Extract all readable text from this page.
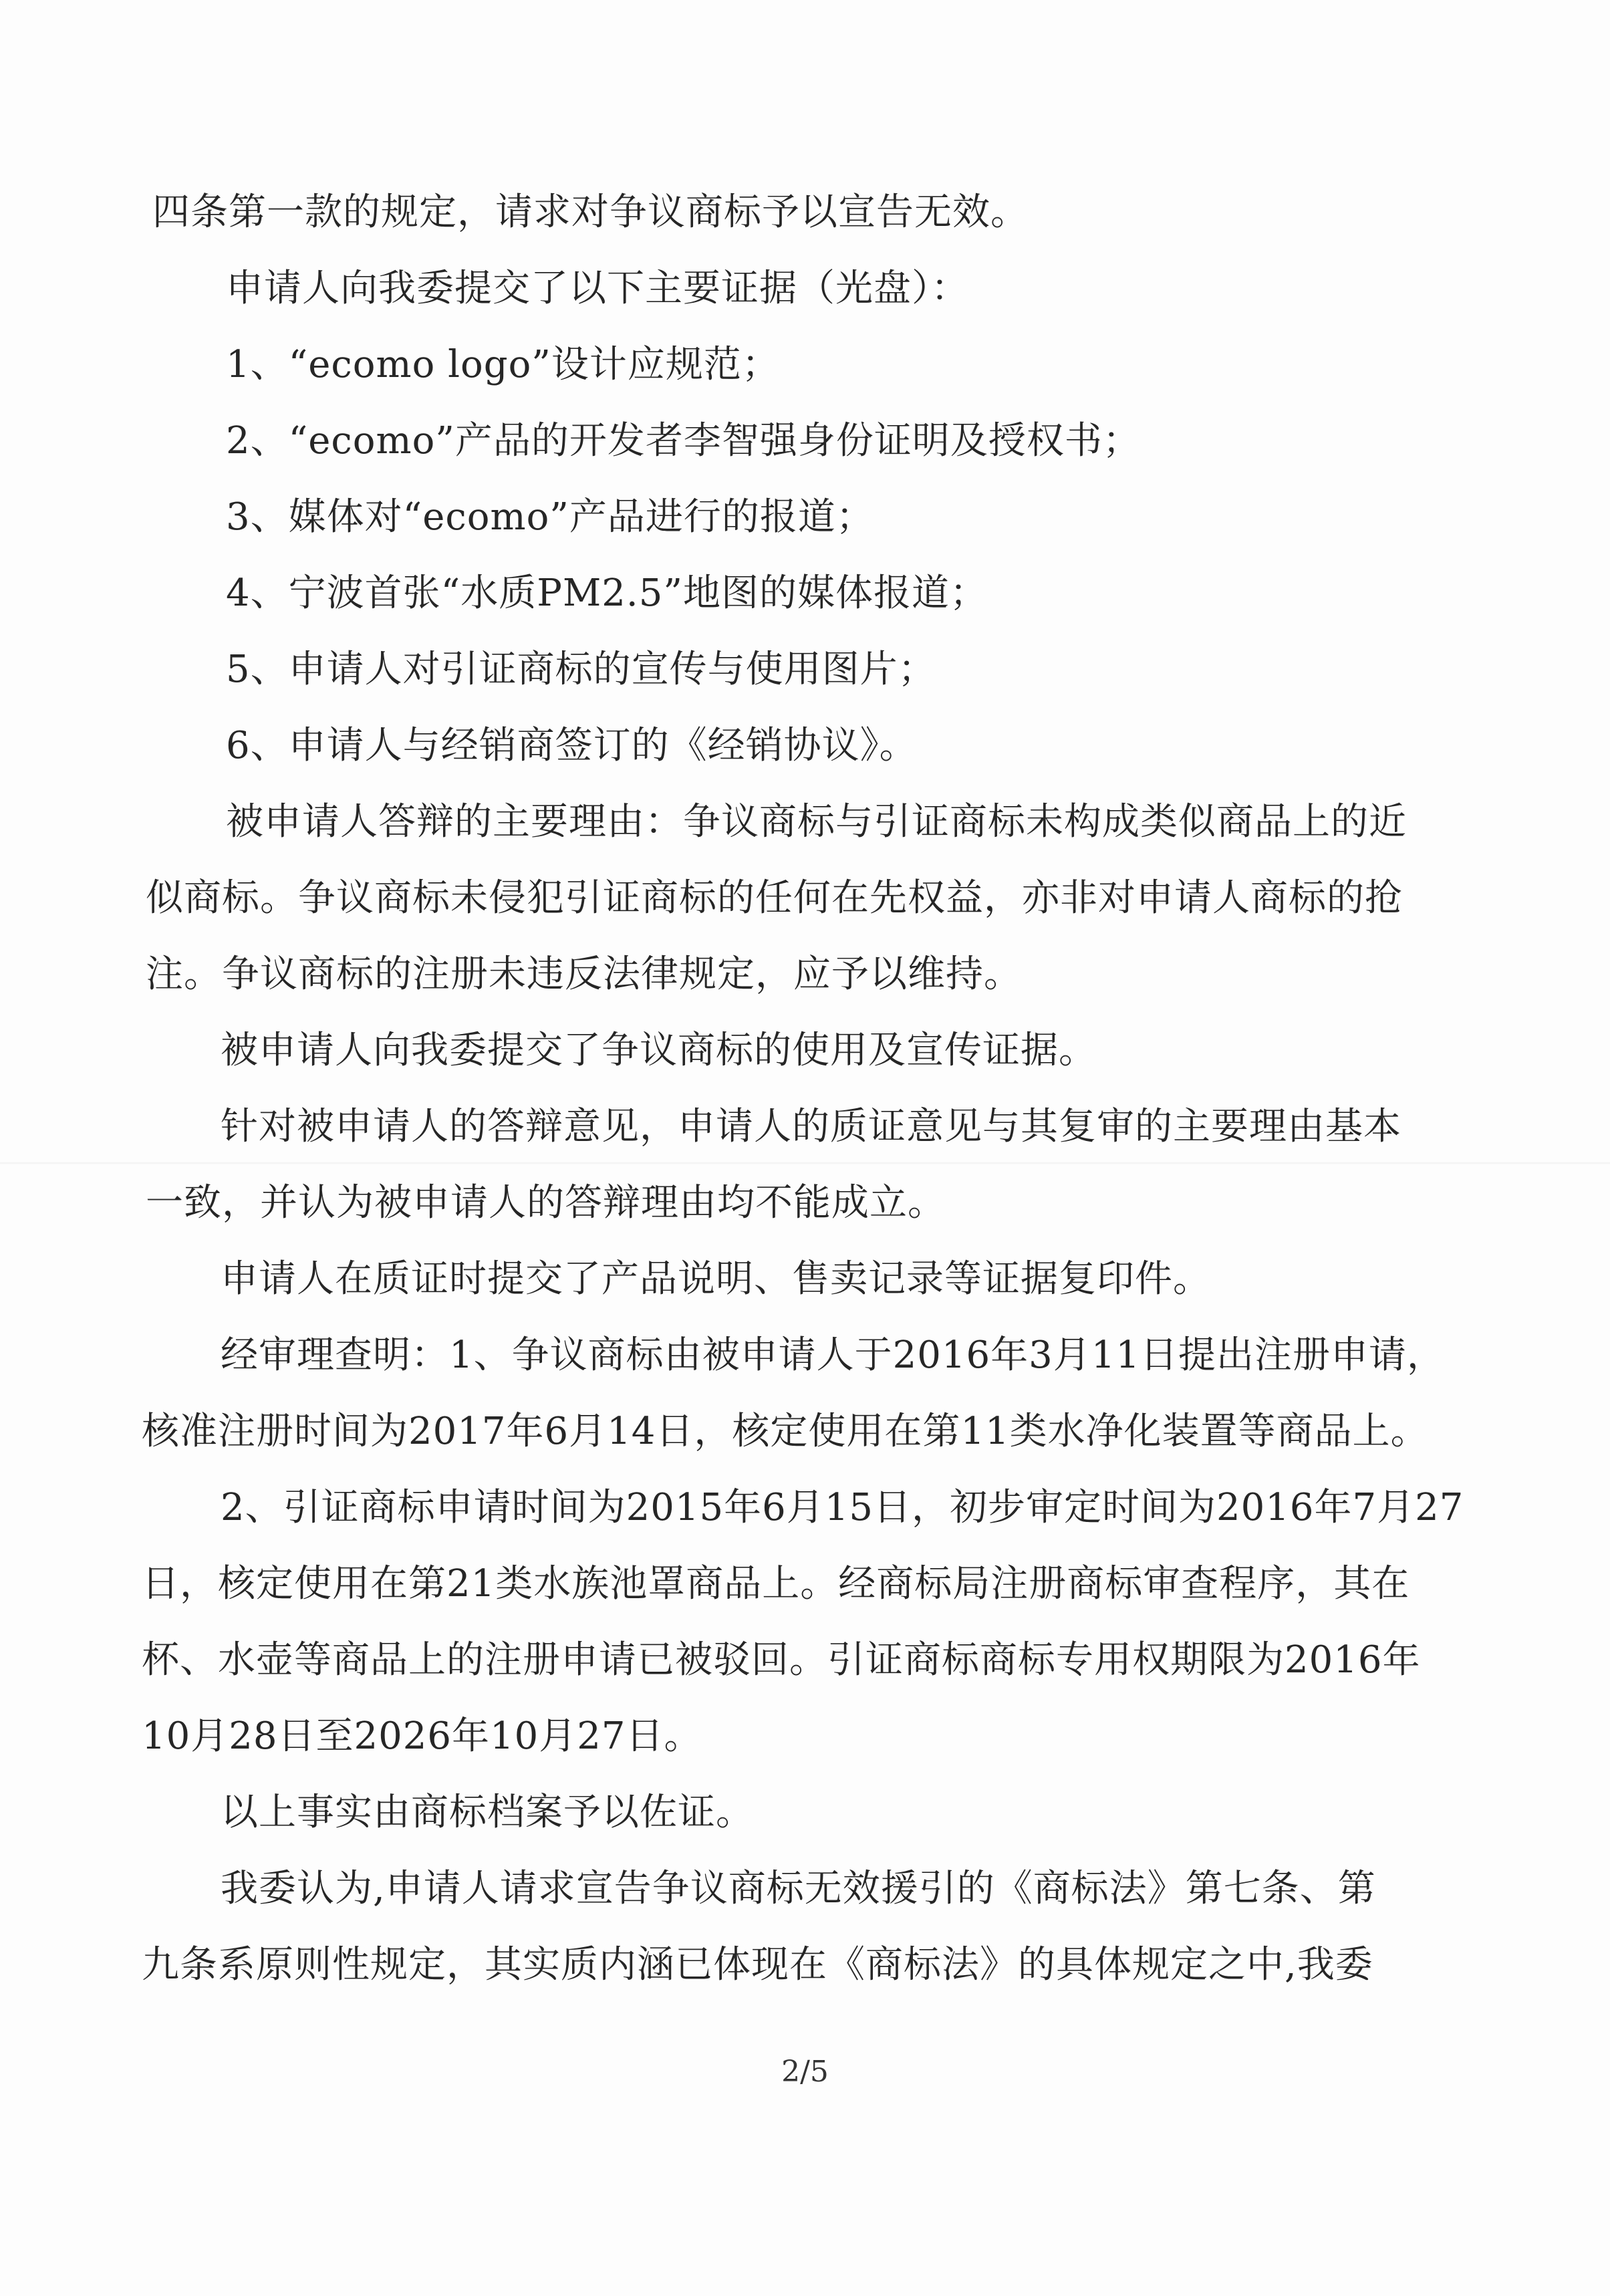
四条第一款的规定，请求对争议商标予以宣告无效。
申请人向我委提交了以下主要证据（光盘）：
1、“ecomo logo”设计应规范；
2、“ecomo”产品的开发者李智强身份证明及授权书；
3、媒体对“ecomo”产品进行的报道；
4、宁波首张“水质PM2.5”地图的媒体报道；
5、申请人对引证商标的宣传与使用图片；
6、申请人与经销商签订的《经销协议》。
被申请人答辩的主要理由：争议商标与引证商标未构成类似商品上的近
似商标。争议商标未侵犯引证商标的任何在先权益，亦非对申请人商标的抢
注。争议商标的注册未违反法律规定，应予以维持。
被申请人向我委提交了争议商标的使用及宣传证据。
针对被申请人的答辩意见，申请人的质证意见与其复审的主要理由基本
一致，并认为被申请人的答辩理由均不能成立。
申请人在质证时提交了产品说明、售卖记录等证据复印件。
经审理查明：1、争议商标由被申请人于2016年3月11日提出注册申请，
核准注册时间为2017年6月14日，核定使用在第11类水净化装置等商品上。
2、引证商标申请时间为2015年6月15日，初步审定时间为2016年7月27
日，核定使用在第21类水族池罩商品上。经商标局注册商标审查程序，其在
杯、水壶等商品上的注册申请已被驳回。引证商标商标专用权期限为2016年
10月28日至2026年10月27日。
以上事实由商标档案予以佐证。
我委认为,申请人请求宣告争议商标无效援引的《商标法》第七条、第
九条系原则性规定，其实质内涵已体现在《商标法》的具体规定之中,我委
2/5
